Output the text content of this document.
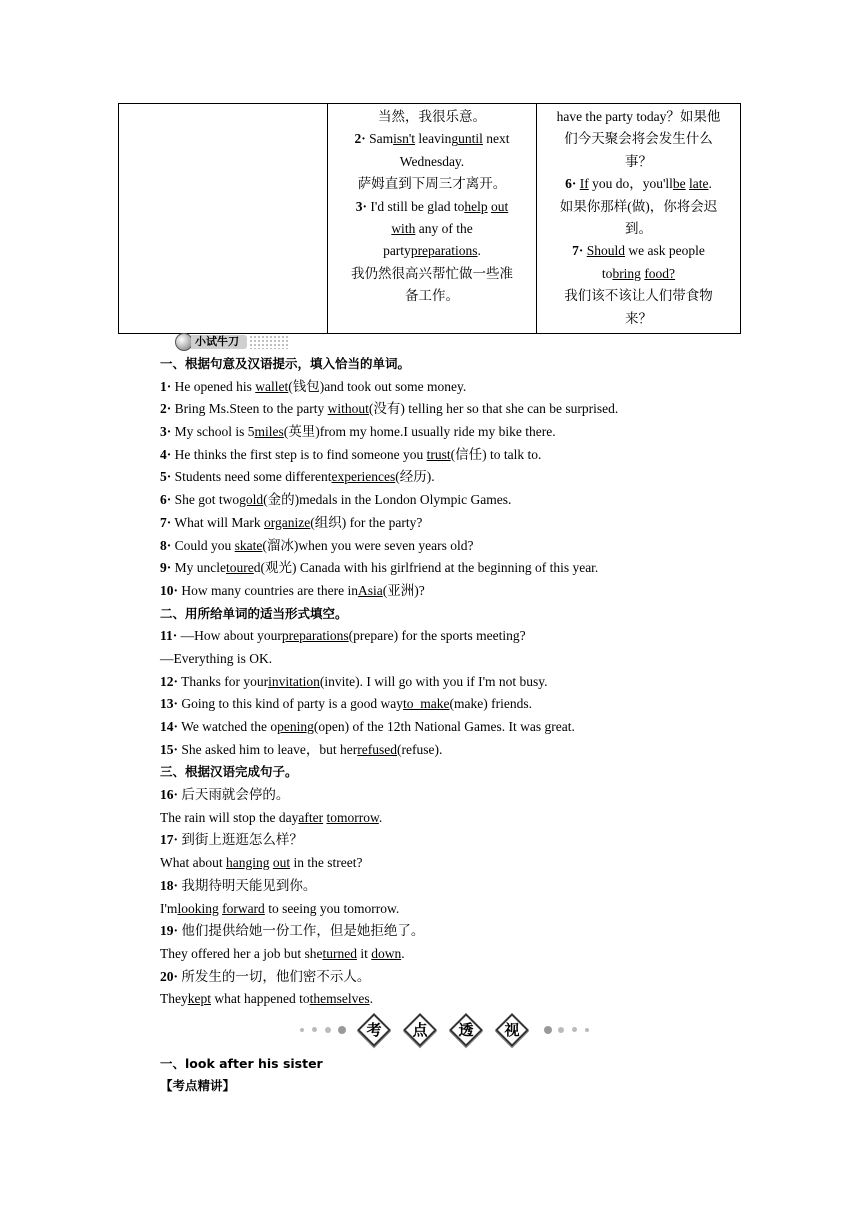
当然，我很乐意。
2· Samisn't leavinguntil next
Wednesday.
萨姆直到下周三才离开。
3· I'd still be glad tohelp out
with any of the
partypreparations.
我仍然很高兴帮忙做一些准
备工作。

have the party today？如果他
们今天聚会将会发生什么
事？
6· If you do，you'llbe late.
如果你那样(做)，你将会迟
到。
7· Should we ask people
tobring food?
我们该不该让人们带食物
来？
小试牛刀
一、根据句意及汉语提示，填入恰当的单词。
1· He opened his wallet(钱包)and took out some money.
2· Bring Ms.Steen to the party without(没有) telling her so that she can be surprised.
3· My school is 5miles(英里)from my home.I usually ride my bike there.
4· He thinks the first step is to find someone you trust(信任) to talk to.
5· Students need some differentexperiences(经历).
6· She got twogold(金的)medals in the London Olympic Games.
7· What will Mark organize(组织) for the party?
8· Could you skate(溜冰)when you were seven years old?
9· My uncletoured(观光) Canada with his girlfriend at the beginning of this year.
10· How many countries are there inAsia(亚洲)?
二、用所给单词的适当形式填空。
11· —How about yourpreparations(prepare) for the sports meeting?
—Everything is OK.
12· Thanks for yourinvitation(invite). I will go with you if I'm not busy.
13· Going to this kind of party is a good wayto  make(make) friends.
14· We watched the opening(open) of the 12th National Games. It was great.
15· She asked him to leave，but herrefused(refuse).
三、根据汉语完成句子。
16· 后天雨就会停的。
The rain will stop the dayafter tomorrow.
17· 到街上逛逛怎么样？
What about hanging out in the street?
18· 我期待明天能见到你。
I'mlooking forward to seeing you tomorrow.
19· 他们提供给她一份工作，但是她拒绝了。
They offered her a job but sheturned it down.
20· 所发生的一切，他们密不示人。
Theykept what happened tothemselves.
考	点	透	视
一、look after his sister
【考点精讲】
